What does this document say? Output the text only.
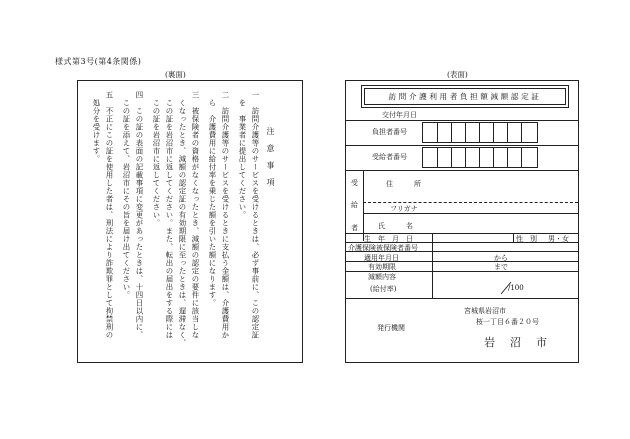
様式第3号(第4条関係)
(裏面)	(表面)
注意事項
一　訪問介護等のサービスを受けるときは、必ず事前に、この認定証
　を　事業者に提出してください。
二　訪問介護等のサービスを受けるときに支払う金額は、介護費用か
　ら　介護費用に給付率を乗じた額を引いた額になります。
三　被保険者の資格がなくなったとき、減額の認定の要件に該当しな
　くなったとき、減額の認定証の有効期限に至ったときは、遅滞なく、
　この証を岩沼市に返してください。また、転出の届出をする際には
　この証を岩沼市に返してください。
四　この証の表面の記載事項に変更があったときは、十四日以内に、
　この証を添えて、岩沼市にその旨を届け出てください。
五　不正にこの証を使用した者は、刑法により詐欺罪として拘禁刑の
　処分を受けます。	訪問介護利用者負担額減額認定証
交付年月日
負担者番号
受給者番号
受
給
者
住　　　所
フリガナ
氏　　　名
生　年　月　日	性　別 男・女
介護保険被保険者番号
適用年月日	から
有効期限	まで
減額内容
(給付率)	/100
発行機関
宮城県岩沼市
桜一丁目６番２０号
岩　沼　市
